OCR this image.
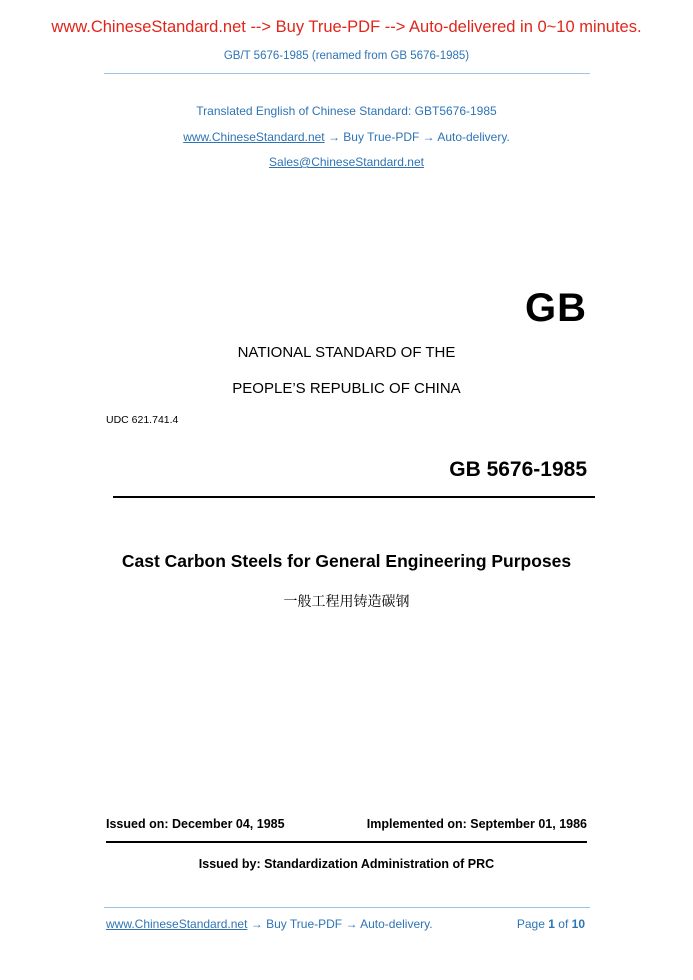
www.ChineseStandard.net --> Buy True-PDF --> Auto-delivered in 0~10 minutes.
GB/T 5676-1985 (renamed from GB 5676-1985)
Translated English of Chinese Standard: GBT5676-1985
www.ChineseStandard.net → Buy True-PDF → Auto-delivery.
Sales@ChineseStandard.net
GB
NATIONAL STANDARD OF THE
PEOPLE’S REPUBLIC OF CHINA
UDC 621.741.4
GB 5676-1985
Cast Carbon Steels for General Engineering Purposes
一般工程用铸造碳钢
Issued on: December 04, 1985	Implemented on: September 01, 1986
Issued by: Standardization Administration of PRC
www.ChineseStandard.net → Buy True-PDF → Auto-delivery.	Page 1 of 10
